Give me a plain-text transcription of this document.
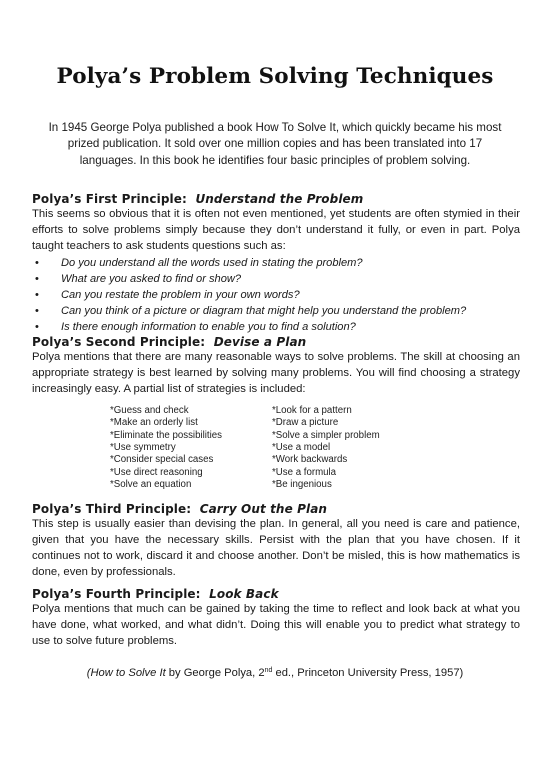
Polya’s Problem Solving Techniques
In 1945 George Polya published a book How To Solve It, which quickly became his most prized publication. It sold over one million copies and has been translated into 17 languages. In this book he identifies four basic principles of problem solving.
Polya’s First Principle: Understand the Problem
This seems so obvious that it is often not even mentioned, yet students are often stymied in their efforts to solve problems simply because they don’t understand it fully, or even in part. Polya taught teachers to ask students questions such as:
• Do you understand all the words used in stating the problem?
• What are you asked to find or show?
• Can you restate the problem in your own words?
• Can you think of a picture or diagram that might help you understand the problem?
• Is there enough information to enable you to find a solution?
Polya’s Second Principle: Devise a Plan
Polya mentions that there are many reasonable ways to solve problems. The skill at choosing an appropriate strategy is best learned by solving many problems. You will find choosing a strategy increasingly easy. A partial list of strategies is included:
*Guess and check
*Make an orderly list
*Eliminate the possibilities
*Use symmetry
*Consider special cases
*Use direct reasoning
*Solve an equation
*Look for a pattern
*Draw a picture
*Solve a simpler problem
*Use a model
*Work backwards
*Use a formula
*Be ingenious
Polya’s Third Principle: Carry Out the Plan
This step is usually easier than devising the plan. In general, all you need is care and patience, given that you have the necessary skills. Persist with the plan that you have chosen. If it continues not to work, discard it and choose another. Don’t be misled, this is how mathematics is done, even by professionals.
Polya’s Fourth Principle: Look Back
Polya mentions that much can be gained by taking the time to reflect and look back at what you have done, what worked, and what didn’t. Doing this will enable you to predict what strategy to use to solve future problems.
(How to Solve It by George Polya, 2nd ed., Princeton University Press, 1957)
